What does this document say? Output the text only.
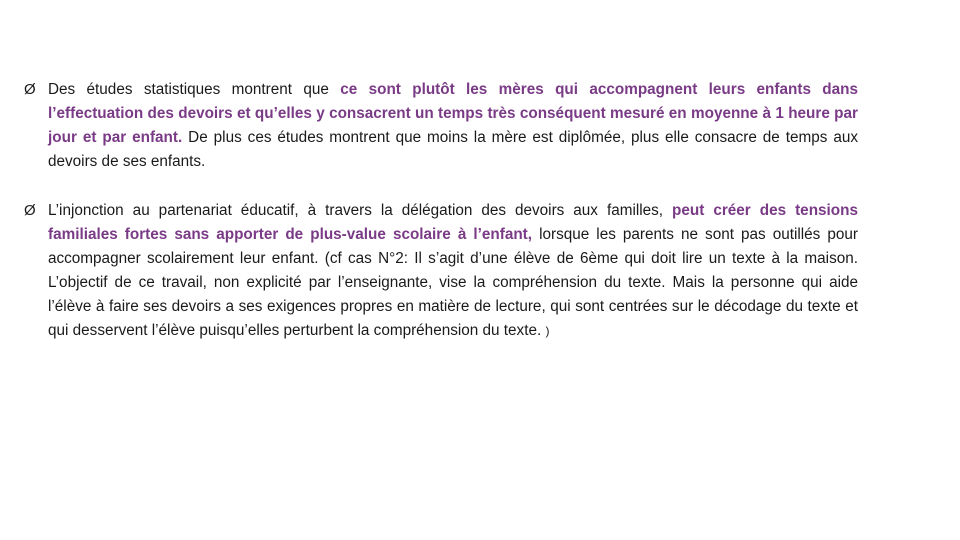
Ø Des études statistiques montrent que ce sont plutôt les mères qui accompagnent leurs enfants dans l’effectuation des devoirs et qu’elles y consacrent un temps très conséquent mesuré en moyenne à 1 heure par jour et par enfant. De plus ces études montrent que moins la mère est diplômée, plus elle consacre de temps aux devoirs de ses enfants.
Ø L’injonction au partenariat éducatif, à travers la délégation des devoirs aux familles, peut créer des tensions familiales fortes sans apporter de plus-value scolaire à l’enfant, lorsque les parents ne sont pas outillés pour accompagner scolairement leur enfant. (cf cas N°2: Il s’agit d’une élève de 6ème qui doit lire un texte à la maison. L’objectif de ce travail, non explicité par l’enseignante, vise la compréhension du texte. Mais la personne qui aide l’élève à faire ses devoirs a ses exigences propres en matière de lecture, qui sont centrées sur le décodage du texte et qui desservent l’élève puisqu’elles perturbent la compréhension du texte. )
